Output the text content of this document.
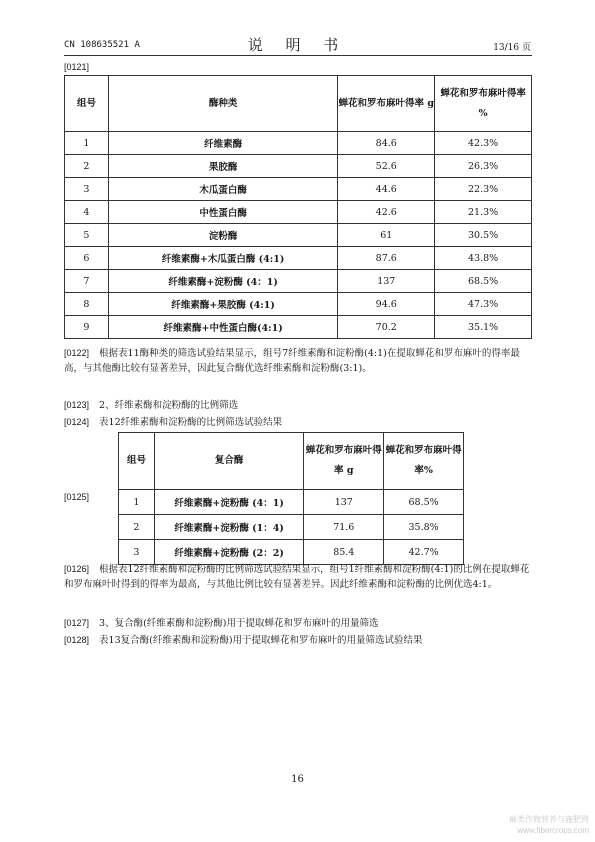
CN 108635521 A	说 明 书	13/16 页
[0121]
组号	酶种类	蝉花和罗布麻叶得率 g	蝉花和罗布麻叶得率 %
1	纤维素酶	84.6	42.3%
2	果胶酶	52.6	26.3%
3	木瓜蛋白酶	44.6	22.3%
4	中性蛋白酶	42.6	21.3%
5	淀粉酶	61	30.5%
6	纤维素酶+木瓜蛋白酶 (4:1)	87.6	43.8%
7	纤维素酶+淀粉酶 (4：1)	137	68.5%
8	纤维素酶+果胶酶 (4:1)	94.6	47.3%
9	纤维素酶+中性蛋白酶(4:1)	70.2	35.1%
[0122] 根据表11酶种类的筛选试验结果显示，组号7纤维素酶和淀粉酶(4:1)在提取蝉花和罗布麻叶的得率最高，与其他酶比较有显著差异，因此复合酶优选纤维素酶和淀粉酶(3:1)。
[0123] 2、纤维素酶和淀粉酶的比例筛选
[0124] 表12纤维素酶和淀粉酶的比例筛选试验结果
[0125]
组号	复合酶	蝉花和罗布麻叶得率 g	蝉花和罗布麻叶得率%
1	纤维素酶+淀粉酶 (4：1)	137	68.5%
2	纤维素酶+淀粉酶 (1：4)	71.6	35.8%
3	纤维素酶+淀粉酶 (2：2)	85.4	42.7%
[0126] 根据表12纤维素酶和淀粉酶的比例筛选试验结果显示，组号1纤维素酶和淀粉酶(4:1)的比例在提取蝉花和罗布麻叶时得到的得率为最高，与其他比例比较有显著差异。因此纤维素酶和淀粉酶的比例优选4:1。
[0127] 3、复合酶(纤维素酶和淀粉酶)用于提取蝉花和罗布麻叶的用量筛选
[0128] 表13复合酶(纤维素酶和淀粉酶)用于提取蝉花和罗布麻叶的用量筛选试验结果
16
麻类作物营养与施肥网
www.fibercrops.com
